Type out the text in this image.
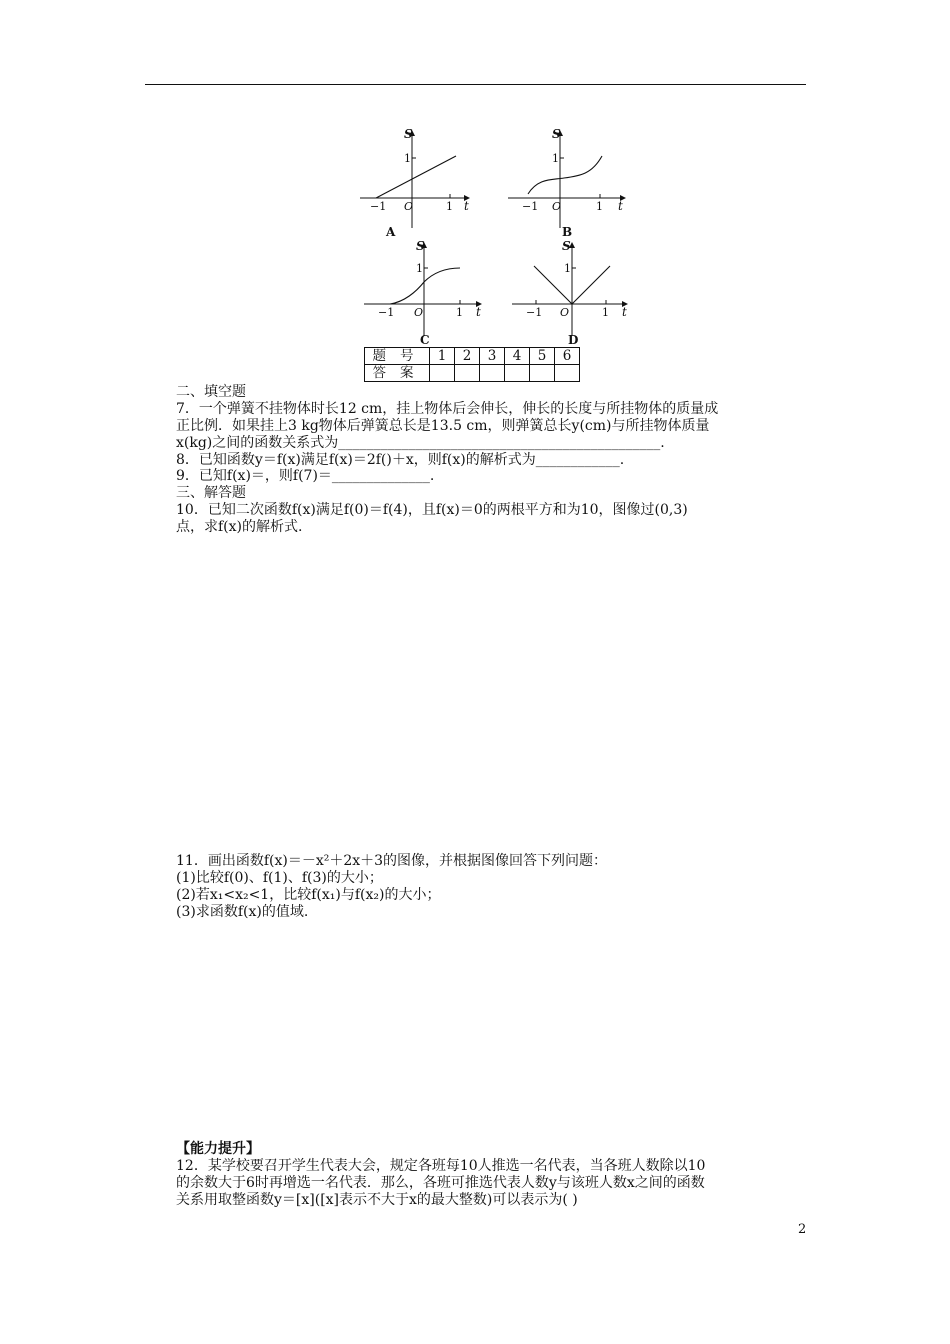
S
1
−1 O	1 t
A
S
1
−1 O	1 t
B
S
1
−1 O	1 t
C
S
1
−1 O	1 t
D
题号	1	2	3	4	5	6
答案						
二、填空题
7．一个弹簧不挂物体时长12 cm，挂上物体后会伸长，伸长的长度与所挂物体的质量成
正比例．如果挂上3 kg物体后弹簧总长是13.5 cm，则弹簧总长y(cm)与所挂物体质量
x(kg)之间的函数关系式为______________________________________________.
8．已知函数y＝f(x)满足f(x)＝2f()＋x，则f(x)的解析式为____________.
9．已知f(x)＝，则f(7)＝______________.
三、解答题
10．已知二次函数f(x)满足f(0)＝f(4)，且f(x)＝0的两根平方和为10，图像过(0,3)
点，求f(x)的解析式.
11．画出函数f(x)＝－x²＋2x＋3的图像，并根据图像回答下列问题：
(1)比较f(0)、f(1)、f(3)的大小；
(2)若x₁<x₂<1，比较f(x₁)与f(x₂)的大小；
(3)求函数f(x)的值域.
【能力提升】
12．某学校要召开学生代表大会，规定各班每10人推选一名代表，当各班人数除以10
的余数大于6时再增选一名代表．那么，各班可推选代表人数y与该班人数x之间的函数
关系用取整函数y＝[x]([x]表示不大于x的最大整数)可以表示为( )
2
